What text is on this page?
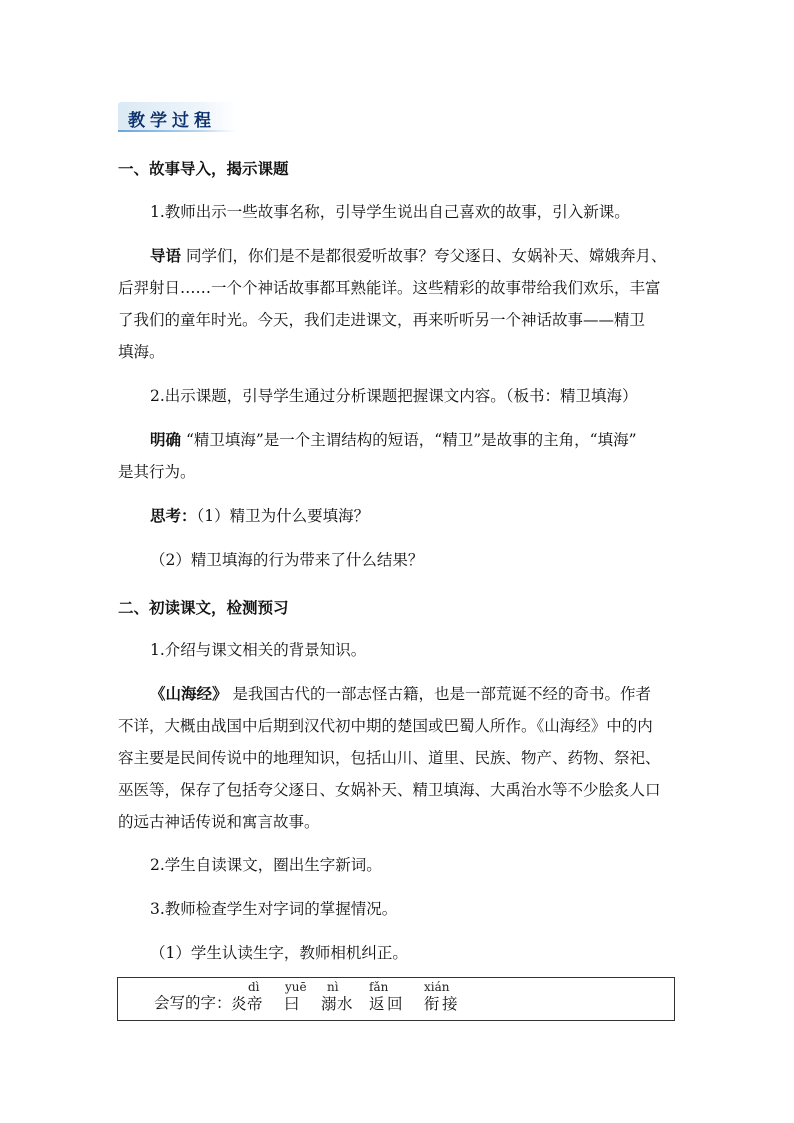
教学过程
一、故事导入，揭示课题
1.教师出示一些故事名称，引导学生说出自己喜欢的故事，引入新课。
导语 同学们，你们是不是都很爱听故事？夸父逐日、女娲补天、嫦娥奔月、
后羿射日……一个个神话故事都耳熟能详。这些精彩的故事带给我们欢乐，丰富
了我们的童年时光。今天，我们走进课文，再来听听另一个神话故事——精卫
填海。
2.出示课题，引导学生通过分析课题把握课文内容。（板书：精卫填海）
明确 “精卫填海”是一个主谓结构的短语，“精卫”是故事的主角，“填海”
是其行为。
思考：（1）精卫为什么要填海？
（2）精卫填海的行为带来了什么结果？
二、初读课文，检测预习
1.介绍与课文相关的背景知识。
《山海经》 是我国古代的一部志怪古籍，也是一部荒诞不经的奇书。作者
不详，大概由战国中后期到汉代初中期的楚国或巴蜀人所作。《山海经》中的内
容主要是民间传说中的地理知识，包括山川、道里、民族、物产、药物、祭祀、
巫医等，保存了包括夸父逐日、女娲补天、精卫填海、大禹治水等不少脍炙人口
的远古神话传说和寓言故事。
2.学生自读课文，圈出生字新词。
3.教师检查学生对字词的掌握情况。
（1）学生认读生字，教师相机纠正。
会写的字：
dì yuē nì	fǎn	xián
炎 帝 曰 溺 水 返 回 衔 接
